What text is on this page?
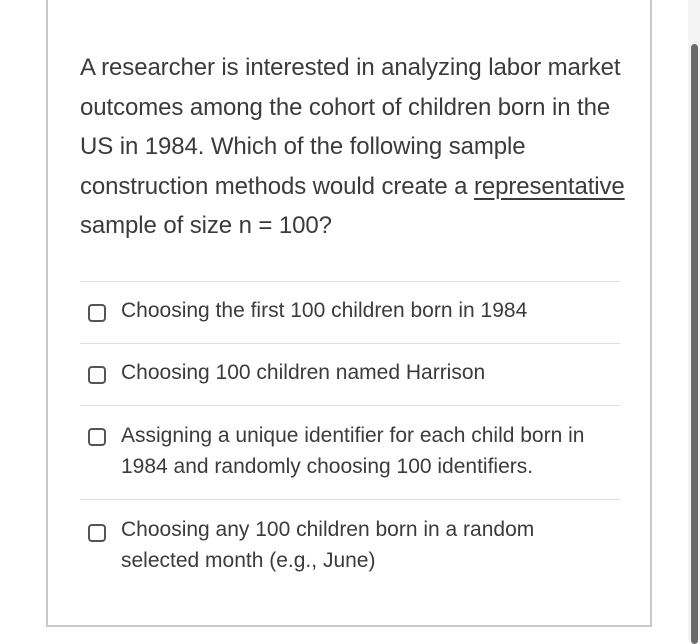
A researcher is interested in analyzing labor market outcomes among the cohort of children born in the US in 1984. Which of the following sample construction methods would create a representative sample of size n = 100?
Choosing the first 100 children born in 1984
Choosing 100 children named Harrison
Assigning a unique identifier for each child born in 1984 and randomly choosing 100 identifiers.
Choosing any 100 children born in a random selected month (e.g., June)
